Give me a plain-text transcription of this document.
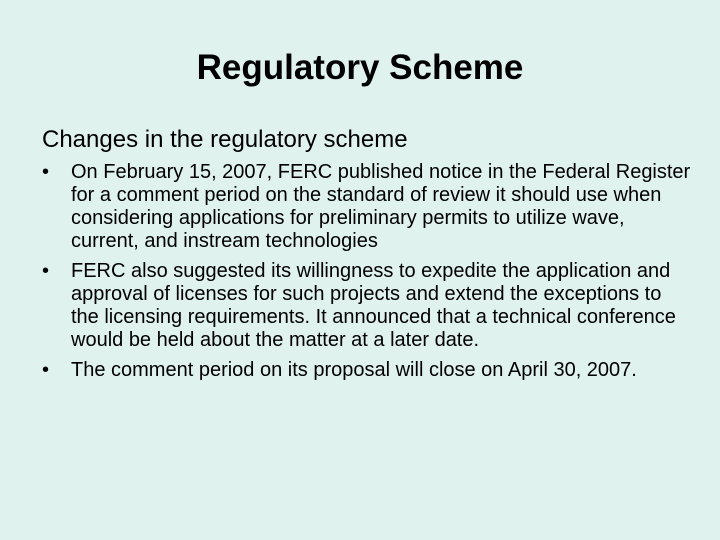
Regulatory Scheme
Changes in the regulatory scheme
• On February 15, 2007, FERC published notice in the Federal Register for a comment period on the standard of review it should use when considering applications for preliminary permits to utilize wave, current, and instream technologies
• FERC also suggested its willingness to expedite the application and approval of licenses for such projects and extend the exceptions to the licensing requirements. It announced that a technical conference would be held about the matter at a later date.
• The comment period on its proposal will close on April 30, 2007.
